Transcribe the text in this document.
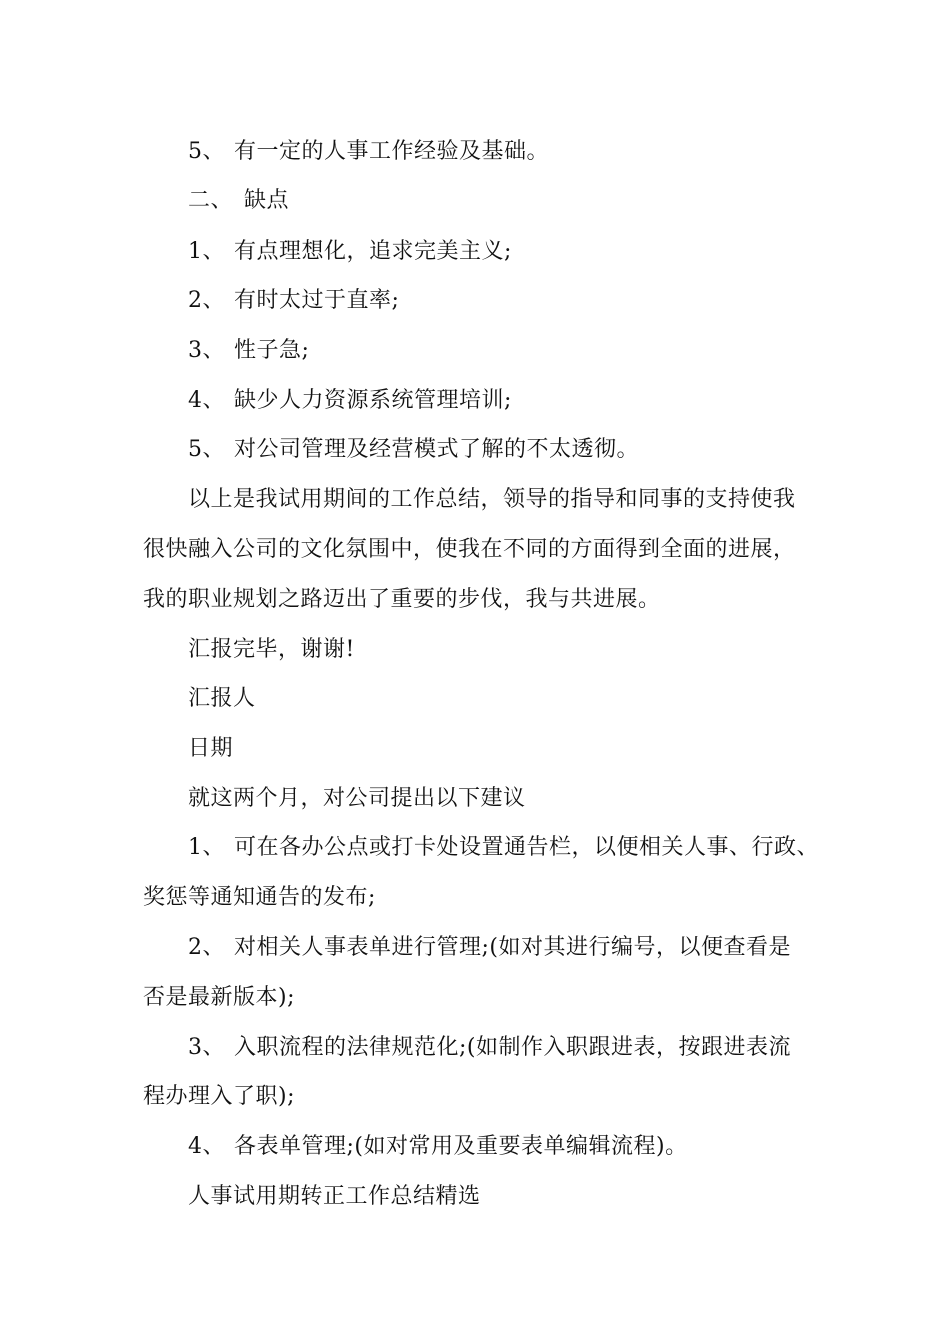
5、 有一定的人事工作经验及基础。
二、 缺点
1、 有点理想化，追求完美主义;
2、 有时太过于直率;
3、 性子急;
4、 缺少人力资源系统管理培训;
5、 对公司管理及经营模式了解的不太透彻。
以上是我试用期间的工作总结，领导的指导和同事的支持使我
很快融入公司的文化氛围中，使我在不同的方面得到全面的进展，
我的职业规划之路迈出了重要的步伐，我与共进展。
汇报完毕，谢谢!
汇报人
日期
就这两个月，对公司提出以下建议
1、 可在各办公点或打卡处设置通告栏，以便相关人事、行政、
奖惩等通知通告的发布;
2、 对相关人事表单进行管理;(如对其进行编号，以便查看是
否是最新版本);
3、 入职流程的法律规范化;(如制作入职跟进表，按跟进表流
程办理入了职);
4、 各表单管理;(如对常用及重要表单编辑流程)。
人事试用期转正工作总结精选
